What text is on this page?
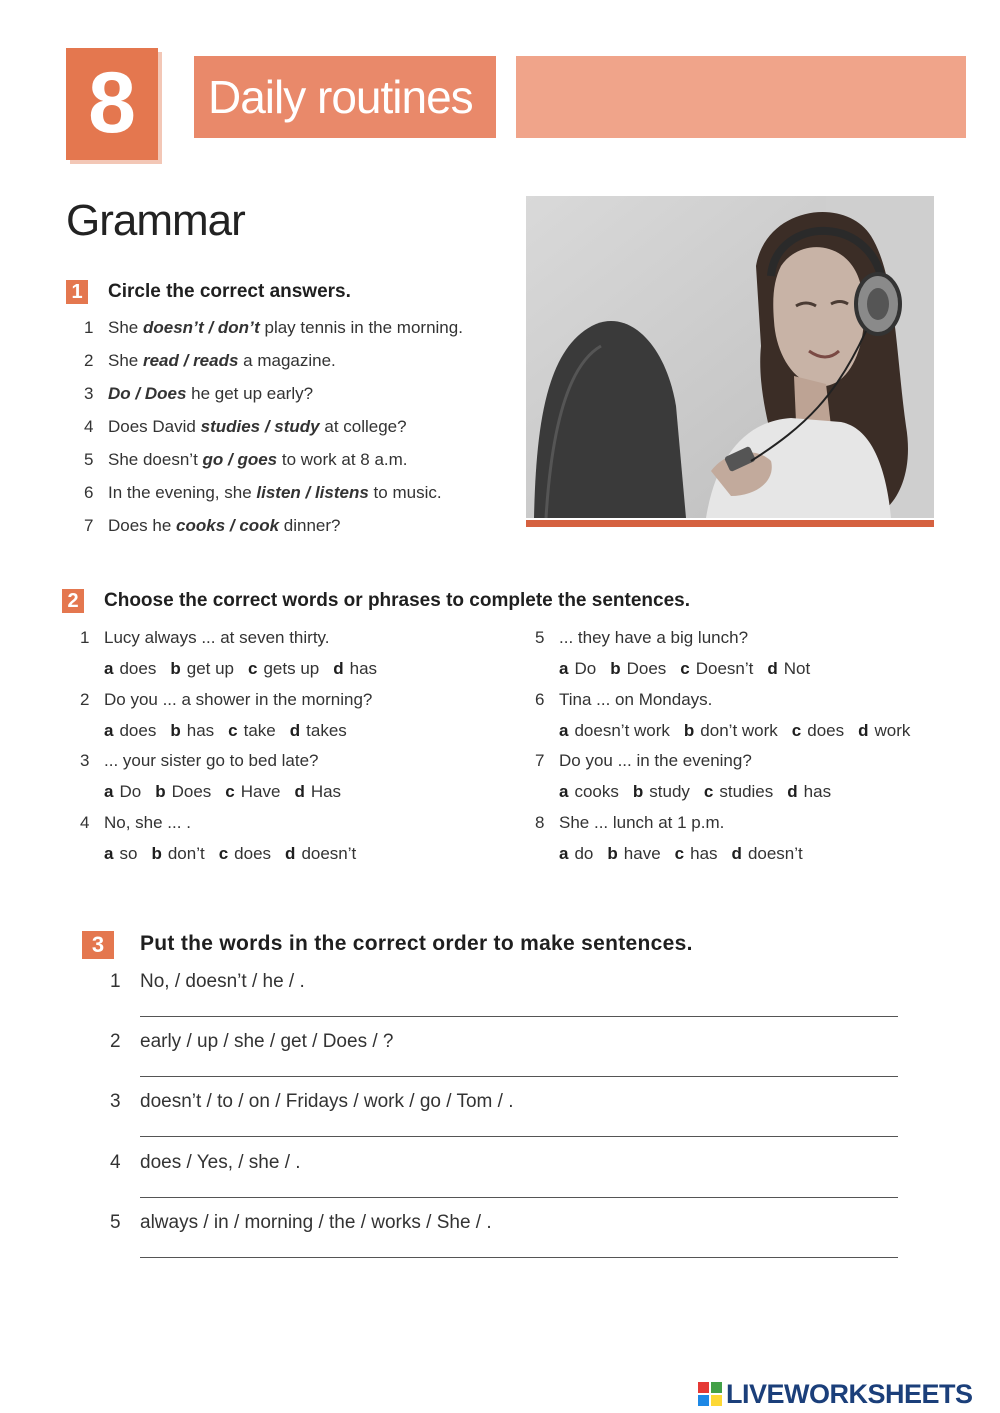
8	Daily routines
Grammar
1 Circle the correct answers.
1 She doesn’t / don’t play tennis in the morning.
2 She read / reads a magazine.
3 Do / Does he get up early?
4 Does David studies / study at college?
5 She doesn’t go / goes to work at 8 a.m.
6 In the evening, she listen / listens to music.
7 Does he cooks / cook dinner?
2 Choose the correct words or phrases to complete the sentences.
1 Lucy always ... at seven thirty.
a does b get up c gets up d has
2 Do you ... a shower in the morning?
a does b has c take d takes
3 ... your sister go to bed late?
a Do b Does c Have d Has
4 No, she ... .
a so b don’t c does d doesn’t
5 ... they have a big lunch?
a Do b Does c Doesn’t d Not
6 Tina ... on Mondays.
a doesn’t work b don’t work c does d work
7 Do you ... in the evening?
a cooks b study c studies d has
8 She ... lunch at 1 p.m.
a do b have c has d doesn’t
3	Put the words in the correct order to make sentences.
1 No, / doesn’t / he / .
2 early / up / she / get / Does / ?
3 doesn’t / to / on / Fridays / work / go / Tom / .
4 does / Yes, / she / .
5 always / in / morning / the / works / She / .
LIVEWORKSHEETS
